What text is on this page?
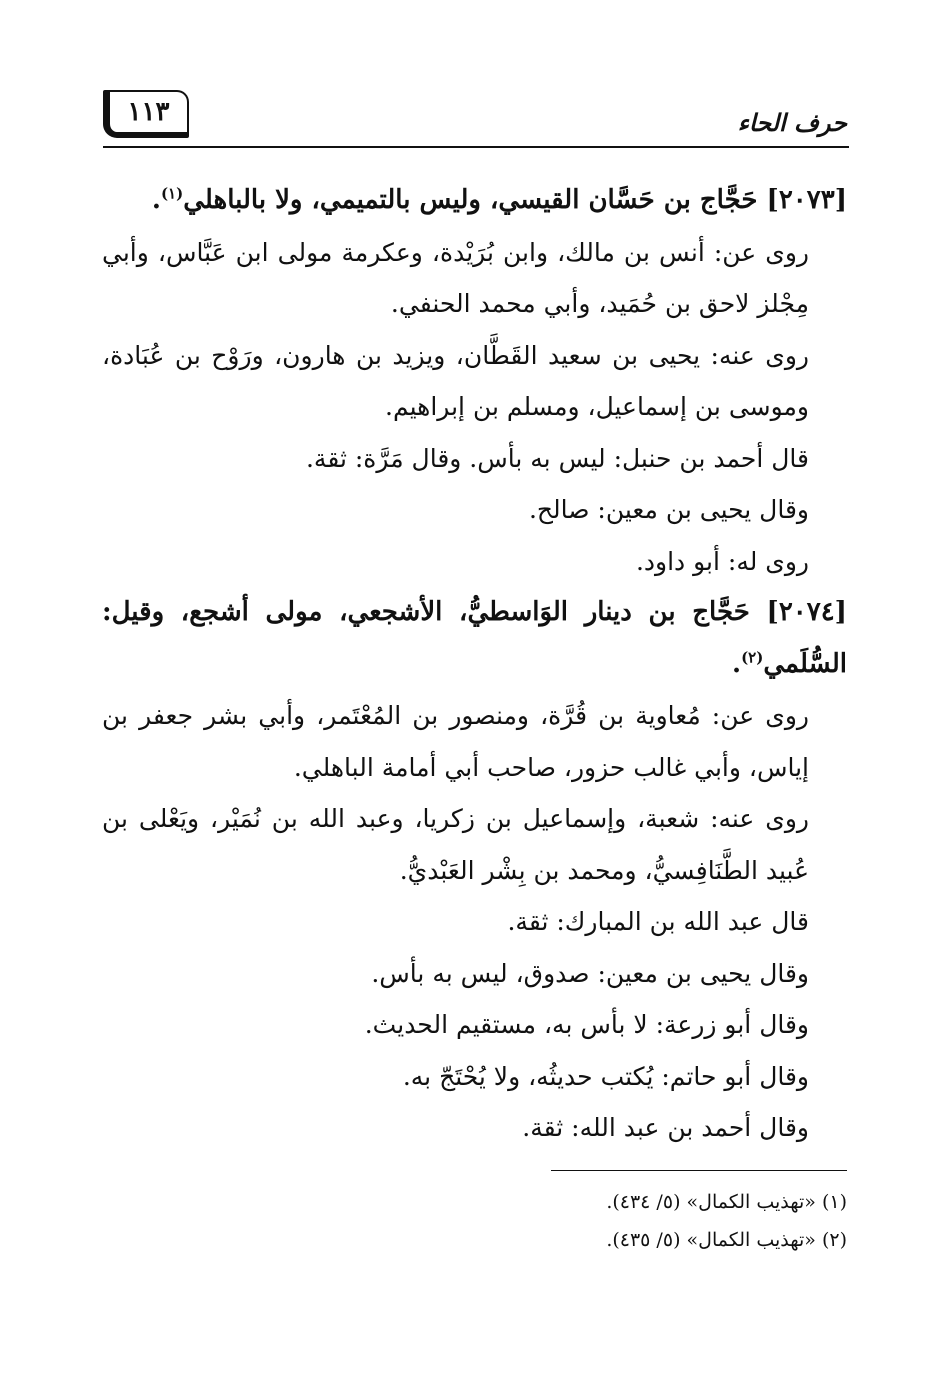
حرف الحاء
١١٣

[٢٠٧٣] حَجَّاج بن حَسَّان القيسي، وليس بالتميمي، ولا بالباهلي$^{(١)}$.

روى عن: أنس بن مالك، وابن بُرَيْدة، وعكرمة مولى ابن عَبَّاس، وأبي مِجْلز لاحق بن حُمَيد، وأبي محمد الحنفي.

روى عنه: يحيى بن سعيد القَطَّان، ويزيد بن هارون، ورَوْح بن عُبَادة، وموسى بن إسماعيل، ومسلم بن إبراهيم.

قال أحمد بن حنبل: ليس به بأس. وقال مَرَّة: ثقة.

وقال يحيى بن معين: صالح.

روى له: أبو داود.

[٢٠٧٤] حَجَّاج بن دينار الوَاسطيُّ، الأشجعي، مولى أشجع، وقيل: السُّلَمي$^{(٢)}$.

روى عن: مُعاوية بن قُرَّة، ومنصور بن المُعْتَمر، وأبي بشر جعفر بن إياس، وأبي غالب حزور، صاحب أبي أمامة الباهلي.

روى عنه: شعبة، وإسماعيل بن زكريا، وعبد الله بن نُمَيْر، ويَعْلى بن عُبيد الطَّنَافِسيُّ، ومحمد بن بِشْر العَبْديُّ.

قال عبد الله بن المبارك: ثقة.

وقال يحيى بن معين: صدوق، ليس به بأس.

وقال أبو زرعة: لا بأس به، مستقيم الحديث.

وقال أبو حاتم: يُكتب حديثُه، ولا يُحْتَجّ به.

وقال أحمد بن عبد الله: ثقة.

(١) «تهذيب الكمال» (٥/ ٤٣٤).

(٢) «تهذيب الكمال» (٥/ ٤٣٥).
